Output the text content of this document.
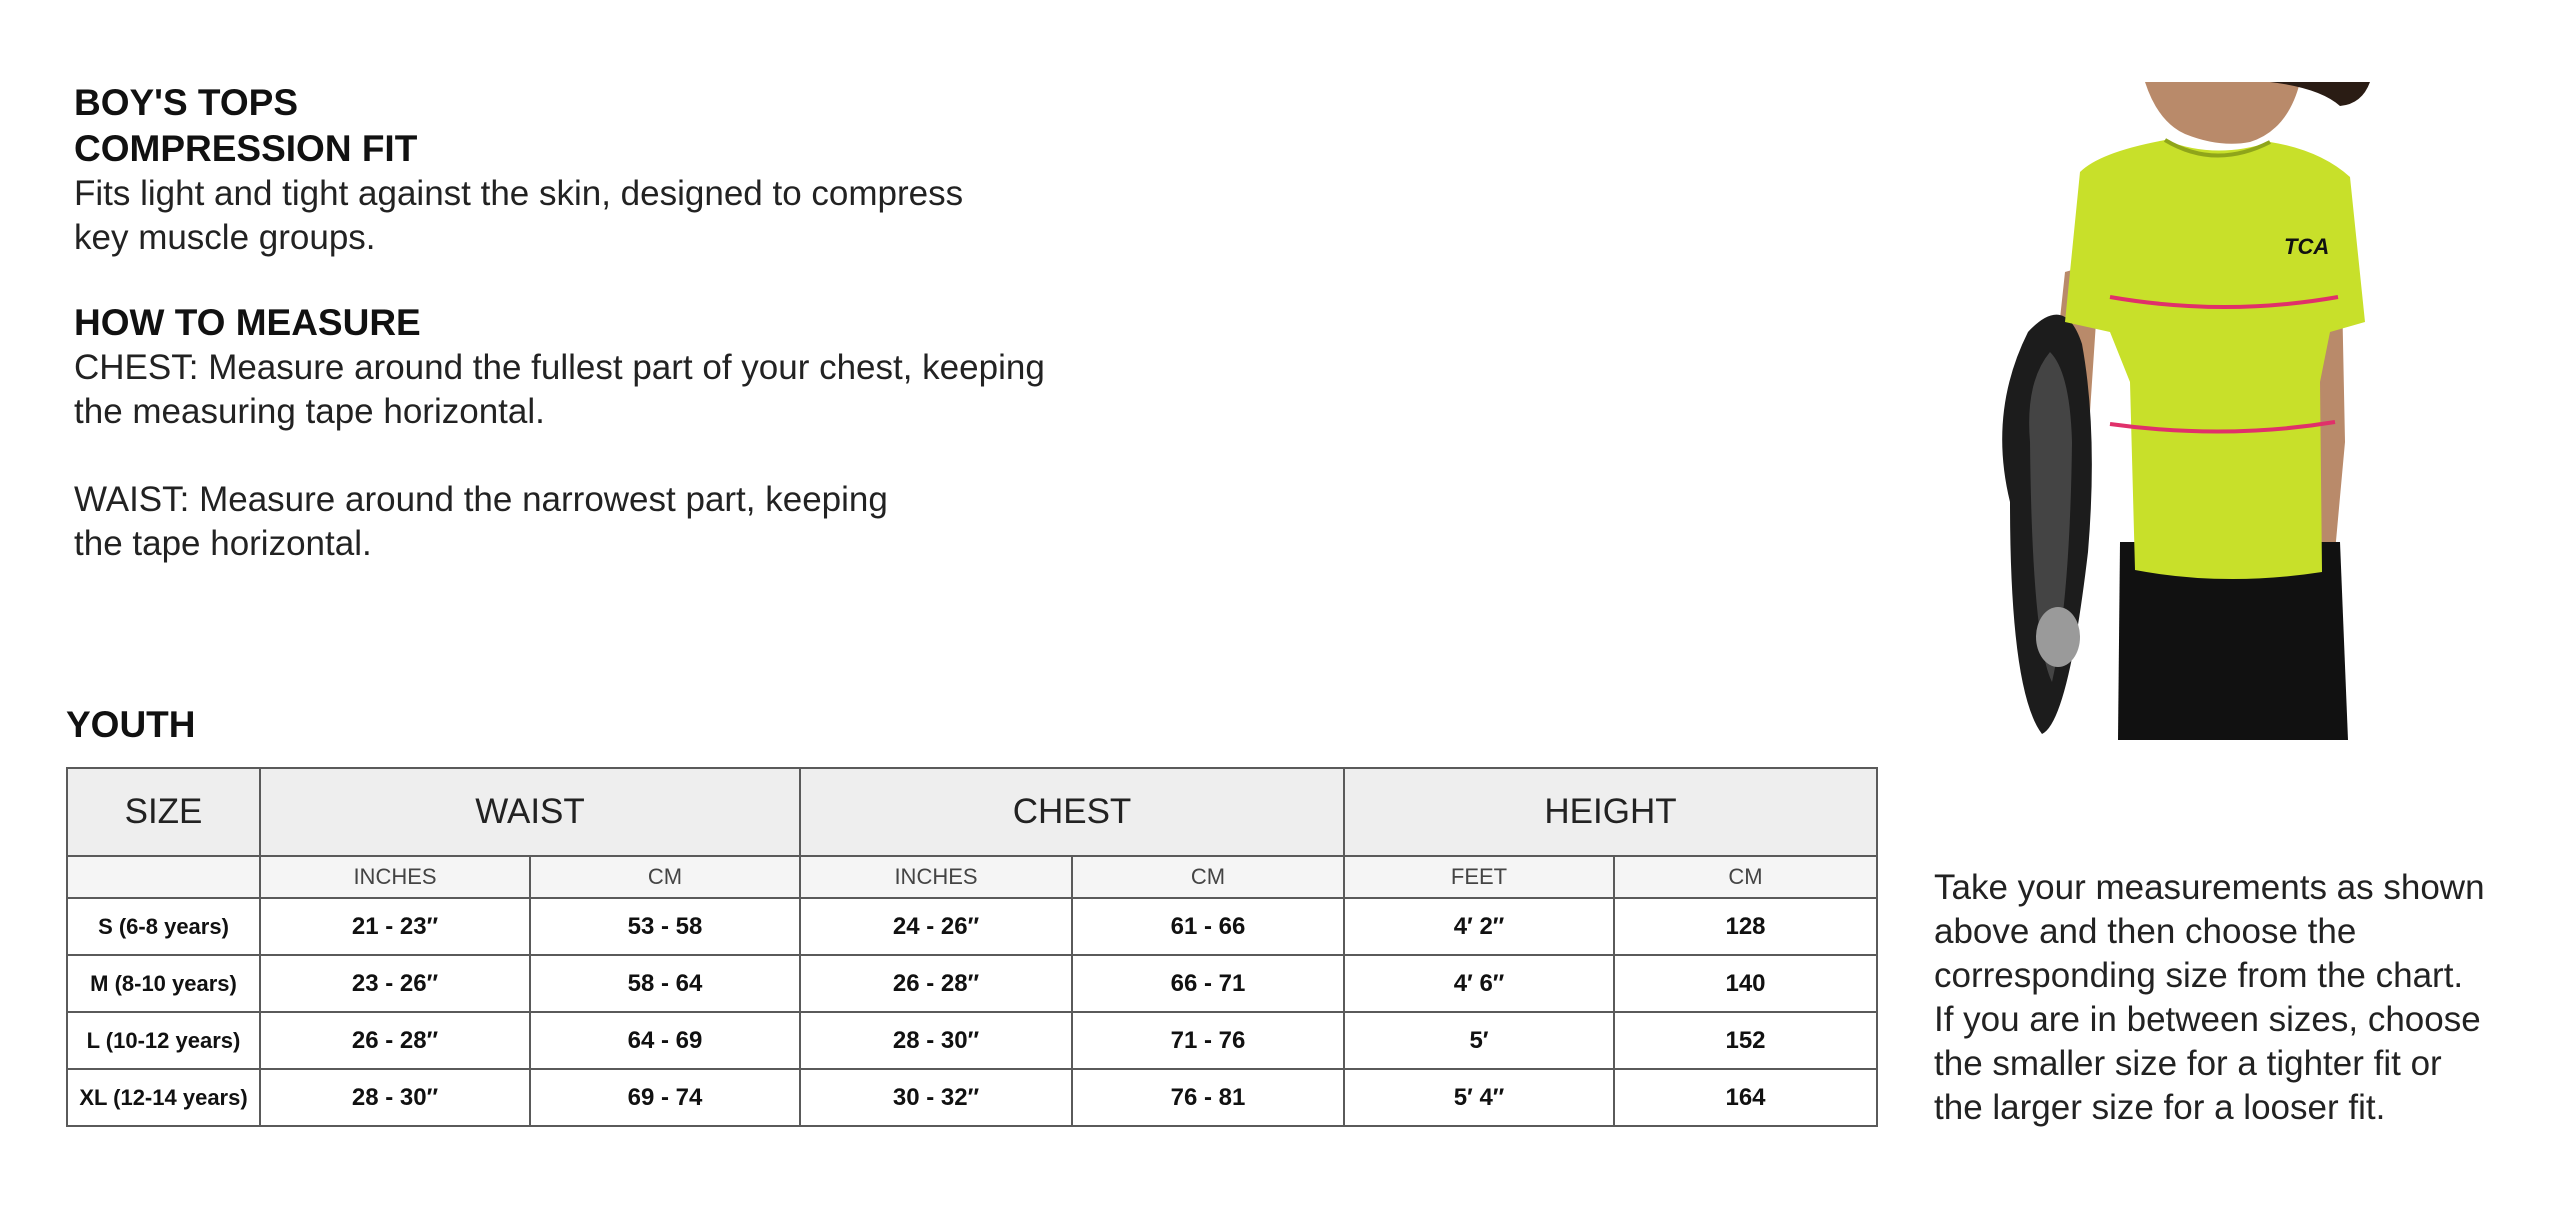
BOY'S TOPS
COMPRESSION FIT
Fits light and tight against the skin, designed to compress
key muscle groups.
HOW TO MEASURE
CHEST: Measure around the fullest part of your chest, keeping
the measuring tape horizontal.
WAIST: Measure around the narrowest part, keeping
the tape horizontal.
YOUTH
SIZE	WAIST		CHEST		HEIGHT	
	INCHES	CM	INCHES	CM	FEET	CM
S (6-8 years)	21 - 23″	53 - 58	24 - 26″	61 - 66	4′ 2″	128
M (8-10 years)	23 - 26″	58 - 64	26 - 28″	66 - 71	4′ 6″	140
L (10-12 years)	26 - 28″	64 - 69	28 - 30″	71 - 76	5′	152
XL (12-14 years)	28 - 30″	69 - 74	30 - 32″	76 - 81	5′ 4″	164
Take your measurements as shown
above and then choose the
corresponding size from the chart.
If you are in between sizes, choose
the smaller size for a tighter fit or
the larger size for a looser fit.
TCA
